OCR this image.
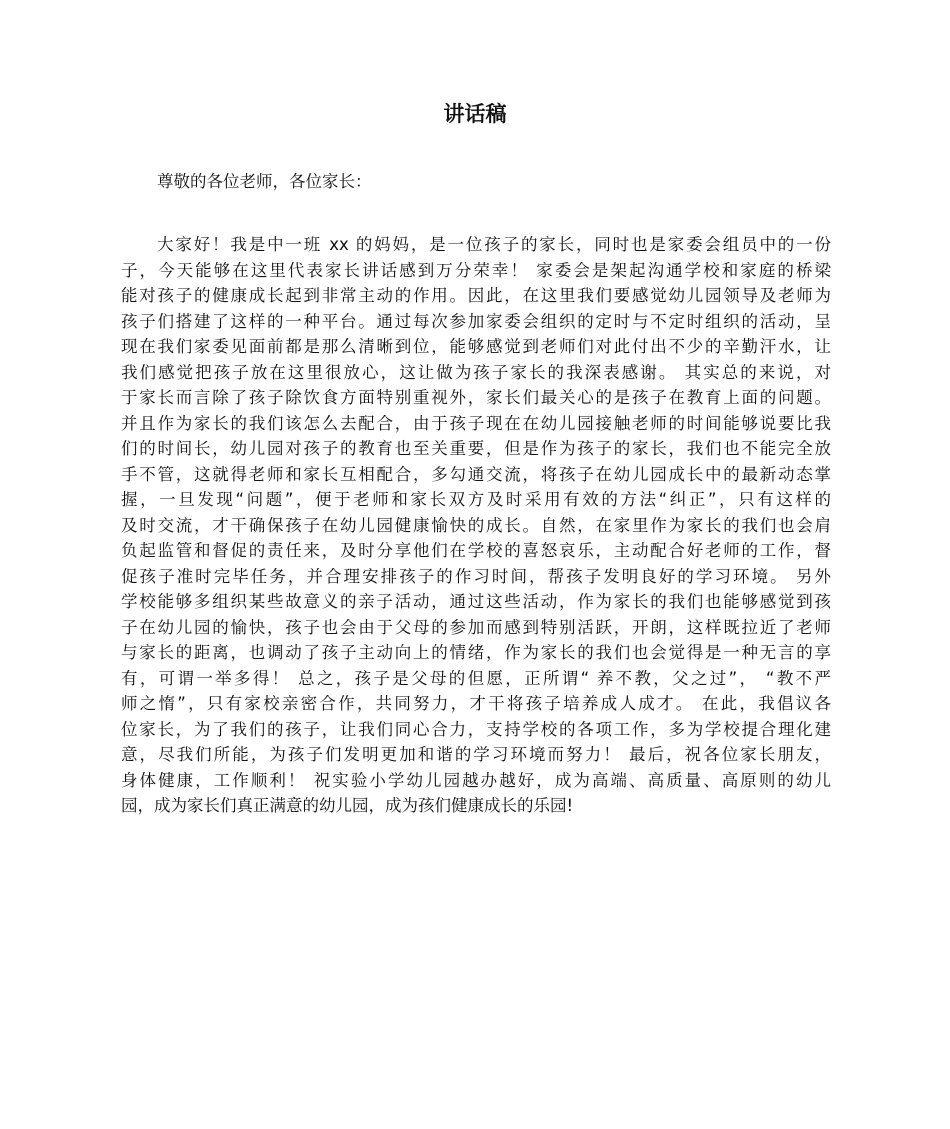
讲话稿

尊敬的各位老师，各位家长：

大家好！我是中一班 xx 的妈妈，是一位孩子的家长，同时也是家委会组员中的一份
子，今天能够在这里代表家长讲话感到万分荣幸！ 家委会是架起沟通学校和家庭的桥梁
能对孩子的健康成长起到非常主动的作用。因此，在这里我们要感觉幼儿园领导及老师为
孩子们搭建了这样的一种平台。通过每次参加家委会组织的定时与不定时组织的活动，呈
现在我们家委见面前都是那么清晰到位，能够感觉到老师们对此付出不少的辛勤汗水，让
我们感觉把孩子放在这里很放心，这让做为孩子家长的我深表感谢。 其实总的来说，对
于家长而言除了孩子除饮食方面特别重视外，家长们最关心的是孩子在教育上面的问题。
并且作为家长的我们该怎么去配合，由于孩子现在在幼儿园接触老师的时间能够说要比我
们的时间长，幼儿园对孩子的教育也至关重要，但是作为孩子的家长，我们也不能完全放
手不管，这就得老师和家长互相配合，多勾通交流，将孩子在幼儿园成长中的最新动态掌
握，一旦发现“问题”，便于老师和家长双方及时采用有效的方法“纠正”，只有这样的
及时交流，才干确保孩子在幼儿园健康愉快的成长。自然，在家里作为家长的我们也会肩
负起监管和督促的责任来，及时分享他们在学校的喜怒哀乐，主动配合好老师的工作，督
促孩子准时完毕任务，并合理安排孩子的作习时间，帮孩子发明良好的学习环境。 另外
学校能够多组织某些故意义的亲子活动，通过这些活动，作为家长的我们也能够感觉到孩
子在幼儿园的愉快，孩子也会由于父母的参加而感到特别活跃，开朗，这样既拉近了老师
与家长的距离，也调动了孩子主动向上的情绪，作为家长的我们也会觉得是一种无言的享
有，可谓一举多得！ 总之，孩子是父母的但愿，正所谓“ 养不教，父之过”， “教不严
师之惰”，只有家校亲密合作，共同努力，才干将孩子培养成人成才。 在此，我倡议各
位家长，为了我们的孩子，让我们同心合力，支持学校的各项工作，多为学校提合理化建
意，尽我们所能，为孩子们发明更加和谐的学习环境而努力！ 最后，祝各位家长朋友，
身体健康，工作顺利！ 祝实验小学幼儿园越办越好，成为高端、高质量、高原则的幼儿
园，成为家长们真正满意的幼儿园，成为孩们健康成长的乐园!
